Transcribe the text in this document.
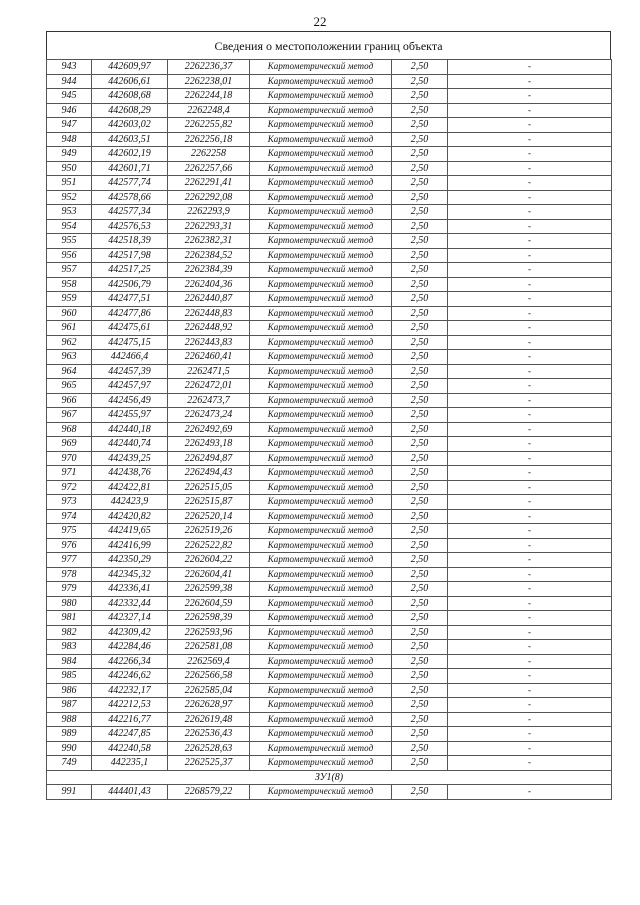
22
Сведения о местоположении границ объекта
943	442609,97	2262236,37	Картометрический метод	2,50	-
944	442606,61	2262238,01	Картометрический метод	2,50	-
945	442608,68	2262244,18	Картометрический метод	2,50	-
946	442608,29	2262248,4	Картометрический метод	2,50	-
947	442603,02	2262255,82	Картометрический метод	2,50	-
948	442603,51	2262256,18	Картометрический метод	2,50	-
949	442602,19	2262258	Картометрический метод	2,50	-
950	442601,71	2262257,66	Картометрический метод	2,50	-
951	442577,74	2262291,41	Картометрический метод	2,50	-
952	442578,66	2262292,08	Картометрический метод	2,50	-
953	442577,34	2262293,9	Картометрический метод	2,50	-
954	442576,53	2262293,31	Картометрический метод	2,50	-
955	442518,39	2262382,31	Картометрический метод	2,50	-
956	442517,98	2262384,52	Картометрический метод	2,50	-
957	442517,25	2262384,39	Картометрический метод	2,50	-
958	442506,79	2262404,36	Картометрический метод	2,50	-
959	442477,51	2262440,87	Картометрический метод	2,50	-
960	442477,86	2262448,83	Картометрический метод	2,50	-
961	442475,61	2262448,92	Картометрический метод	2,50	-
962	442475,15	2262443,83	Картометрический метод	2,50	-
963	442466,4	2262460,41	Картометрический метод	2,50	-
964	442457,39	2262471,5	Картометрический метод	2,50	-
965	442457,97	2262472,01	Картометрический метод	2,50	-
966	442456,49	2262473,7	Картометрический метод	2,50	-
967	442455,97	2262473,24	Картометрический метод	2,50	-
968	442440,18	2262492,69	Картометрический метод	2,50	-
969	442440,74	2262493,18	Картометрический метод	2,50	-
970	442439,25	2262494,87	Картометрический метод	2,50	-
971	442438,76	2262494,43	Картометрический метод	2,50	-
972	442422,81	2262515,05	Картометрический метод	2,50	-
973	442423,9	2262515,87	Картометрический метод	2,50	-
974	442420,82	2262520,14	Картометрический метод	2,50	-
975	442419,65	2262519,26	Картометрический метод	2,50	-
976	442416,99	2262522,82	Картометрический метод	2,50	-
977	442350,29	2262604,22	Картометрический метод	2,50	-
978	442345,32	2262604,41	Картометрический метод	2,50	-
979	442336,41	2262599,38	Картометрический метод	2,50	-
980	442332,44	2262604,59	Картометрический метод	2,50	-
981	442327,14	2262598,39	Картометрический метод	2,50	-
982	442309,42	2262593,96	Картометрический метод	2,50	-
983	442284,46	2262581,08	Картометрический метод	2,50	-
984	442266,34	2262569,4	Картометрический метод	2,50	-
985	442246,62	2262566,58	Картометрический метод	2,50	-
986	442232,17	2262585,04	Картометрический метод	2,50	-
987	442212,53	2262628,97	Картометрический метод	2,50	-
988	442216,77	2262619,48	Картометрический метод	2,50	-
989	442247,85	2262536,43	Картометрический метод	2,50	-
990	442240,58	2262528,63	Картометрический метод	2,50	-
749	442235,1	2262525,37	Картометрический метод	2,50	-
ЗУ1(8)					
991	444401,43	2268579,22	Картометрический метод	2,50	-
